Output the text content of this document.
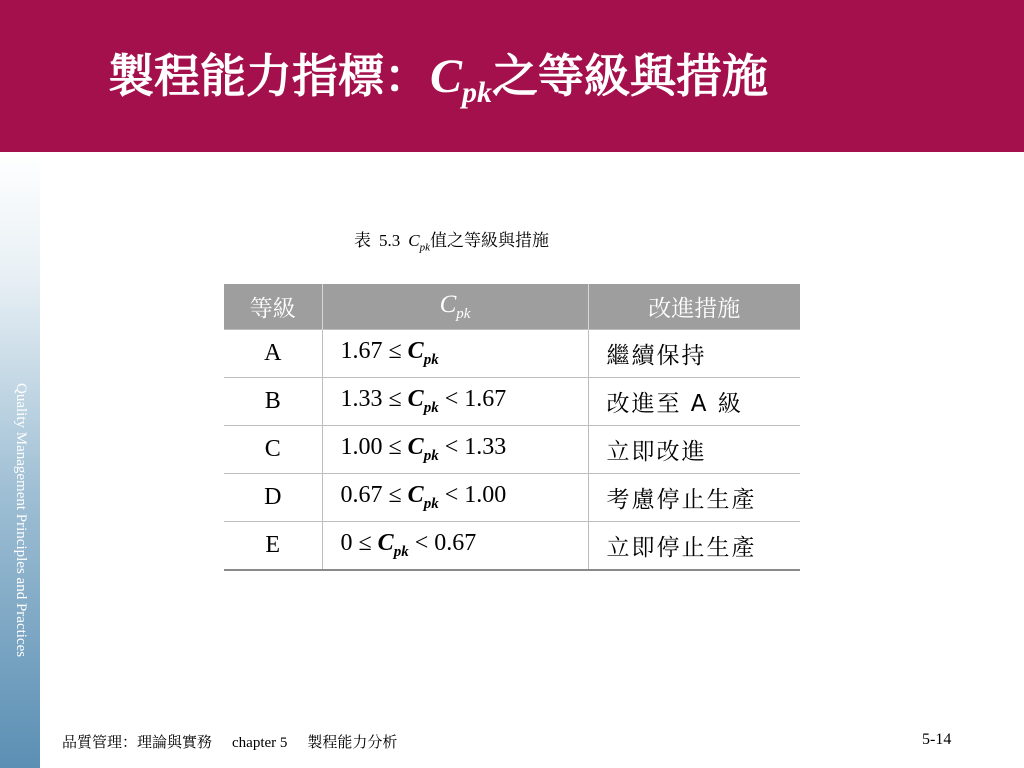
製程能力指標：$C_{pk}$之等級與措施
Quality Management Principles and Practices
表 5.3 $C_{pk}$值之等級與措施
等級	$C_{pk}$	改進措施
A	$1.67 \le C_{pk}$	繼續保持
B	$1.33 \le C_{pk} < 1.67$	改進至 A 級
C	$1.00 \le C_{pk} < 1.33$	立即改進
D	$0.67 \le C_{pk} < 1.00$	考慮停止生產
E	$0 \le C_{pk} < 0.67$	立即停止生產
品質管理：理論與實務 chapter 5 製程能力分析	5-14
